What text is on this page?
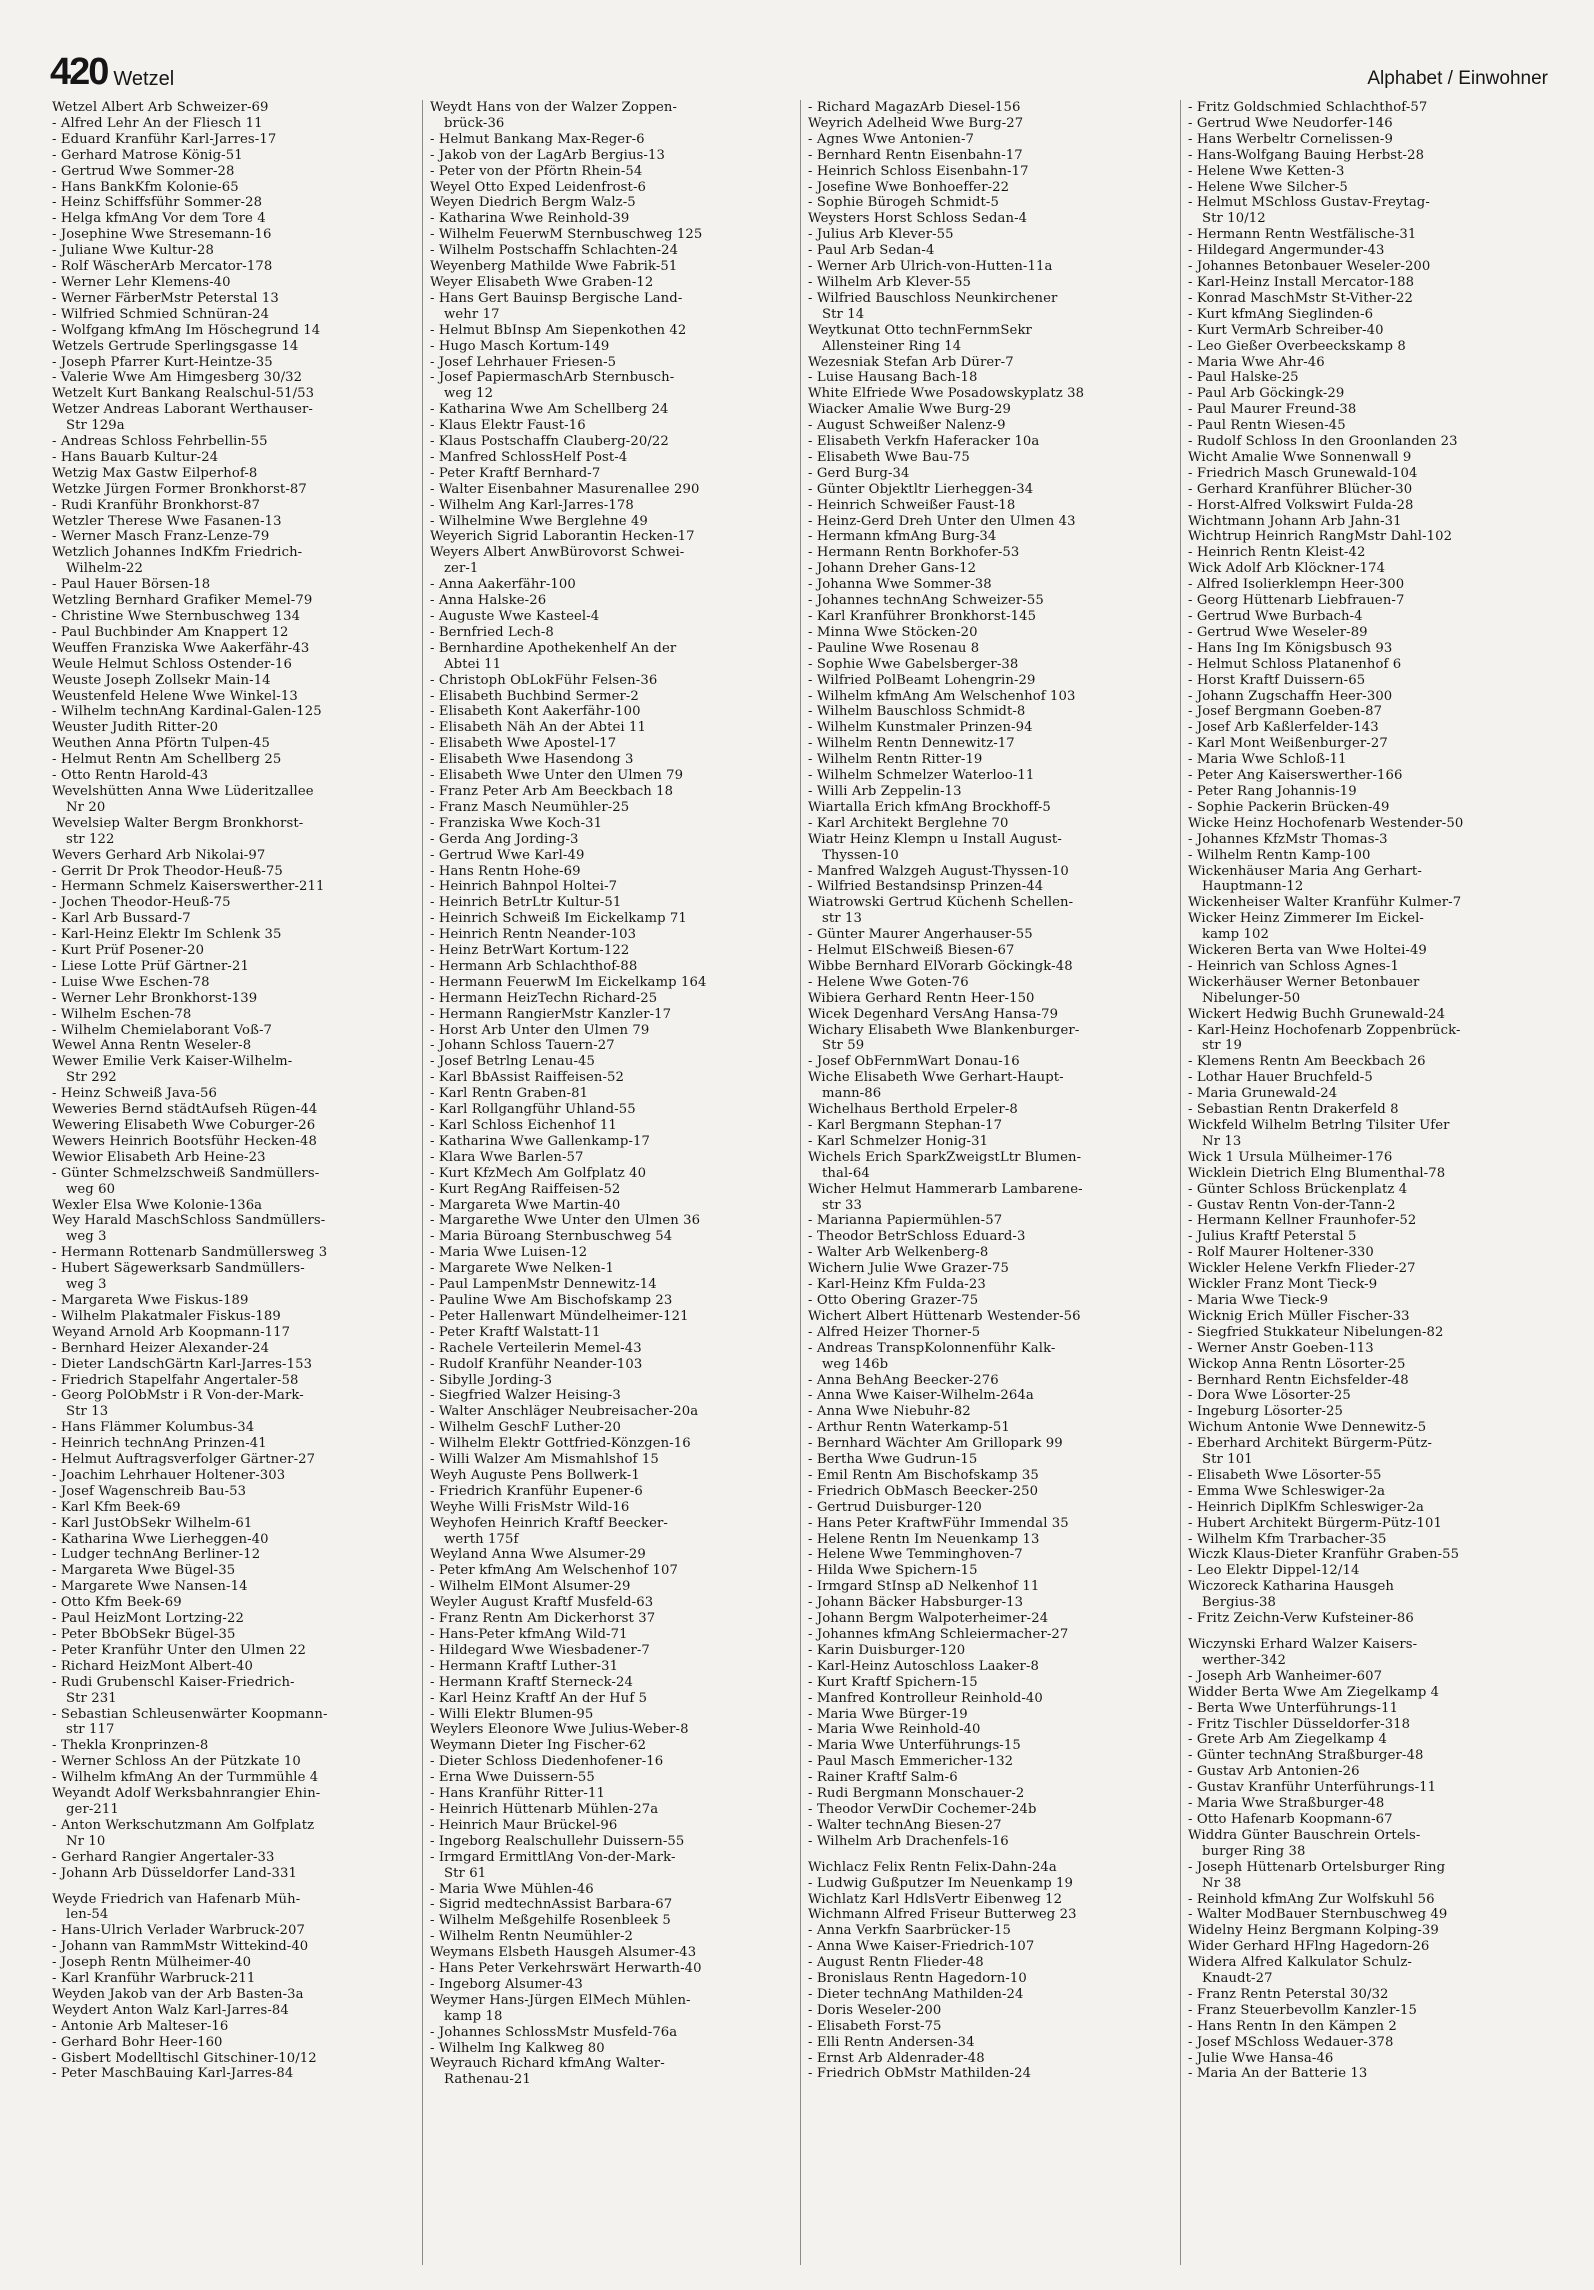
420 Wetzel	Alphabet / Einwohner
Wetzel Albert Arb Schweizer-69
- Alfred Lehr An der Fliesch 11
- Eduard Kranführ Karl-Jarres-17
- Gerhard Matrose König-51
- Gertrud Wwe Sommer-28
- Hans BankKfm Kolonie-65
- Heinz Schiffsführ Sommer-28
- Helga kfmAng Vor dem Tore 4
- Josephine Wwe Stresemann-16
- Juliane Wwe Kultur-28
- Rolf WäscherArb Mercator-178
- Werner Lehr Klemens-40
- Werner FärberMstr Peterstal 13
- Wilfried Schmied Schnüran-24
- Wolfgang kfmAng Im Höschegrund 14
Wetzels Gertrude Sperlingsgasse 14
- Joseph Pfarrer Kurt-Heintze-35
- Valerie Wwe Am Himgesberg 30/32
Wetzelt Kurt Bankang Realschul-51/53
Wetzer Andreas Laborant Werthauser-
Str 129a
- Andreas Schloss Fehrbellin-55
- Hans Bauarb Kultur-24
Wetzig Max Gastw Eilperhof-8
Wetzke Jürgen Former Bronkhorst-87
- Rudi Kranführ Bronkhorst-87
Wetzler Therese Wwe Fasanen-13
- Werner Masch Franz-Lenze-79
Wetzlich Johannes IndKfm Friedrich-
Wilhelm-22
- Paul Hauer Börsen-18
Wetzling Bernhard Grafiker Memel-79
- Christine Wwe Sternbuschweg 134
- Paul Buchbinder Am Knappert 12
Weuffen Franziska Wwe Aakerfähr-43
Weule Helmut Schloss Ostender-16
Weuste Joseph Zollsekr Main-14
Weustenfeld Helene Wwe Winkel-13
- Wilhelm technAng Kardinal-Galen-125
Weuster Judith Ritter-20
Weuthen Anna Pförtn Tulpen-45
- Helmut Rentn Am Schellberg 25
- Otto Rentn Harold-43
Wevelshütten Anna Wwe Lüderitzallee
Nr 20
Wevelsiep Walter Bergm Bronkhorst-
str 122
Wevers Gerhard Arb Nikolai-97
- Gerrit Dr Prok Theodor-Heuß-75
- Hermann Schmelz Kaiserswerther-211
- Jochen Theodor-Heuß-75
- Karl Arb Bussard-7
- Karl-Heinz Elektr Im Schlenk 35
- Kurt Prüf Posener-20
- Liese Lotte Prüf Gärtner-21
- Luise Wwe Eschen-78
- Werner Lehr Bronkhorst-139
- Wilhelm Eschen-78
- Wilhelm Chemielaborant Voß-7
Wewel Anna Rentn Weseler-8
Wewer Emilie Verk Kaiser-Wilhelm-
Str 292
- Heinz Schweiß Java-56
Weweries Bernd städtAufseh Rügen-44
Wewering Elisabeth Wwe Coburger-26
Wewers Heinrich Bootsführ Hecken-48
Wewior Elisabeth Arb Heine-23
- Günter Schmelzschweiß Sandmüllers-
weg 60
Wexler Elsa Wwe Kolonie-136a
Wey Harald MaschSchloss Sandmüllers-
weg 3
- Hermann Rottenarb Sandmüllersweg 3
- Hubert Sägewerksarb Sandmüllers-
weg 3
- Margareta Wwe Fiskus-189
- Wilhelm Plakatmaler Fiskus-189
Weyand Arnold Arb Koopmann-117
- Bernhard Heizer Alexander-24
- Dieter LandschGärtn Karl-Jarres-153
- Friedrich Stapelfahr Angertaler-58
- Georg PolObMstr i R Von-der-Mark-
Str 13
- Hans Flämmer Kolumbus-34
- Heinrich technAng Prinzen-41
- Helmut Auftragsverfolger Gärtner-27
- Joachim Lehrhauer Holtener-303
- Josef Wagenschreib Bau-53
- Karl Kfm Beek-69
- Karl JustObSekr Wilhelm-61
- Katharina Wwe Lierheggen-40
- Ludger technAng Berliner-12
- Margareta Wwe Bügel-35
- Margarete Wwe Nansen-14
- Otto Kfm Beek-69
- Paul HeizMont Lortzing-22
- Peter BbObSekr Bügel-35
- Peter Kranführ Unter den Ulmen 22
- Richard HeizMont Albert-40
- Rudi Grubenschl Kaiser-Friedrich-
Str 231
- Sebastian Schleusenwärter Koopmann-
str 117
- Thekla Kronprinzen-8
- Werner Schloss An der Pützkate 10
- Wilhelm kfmAng An der Turmmühle 4
Weyandt Adolf Werksbahnrangier Ehin-
ger-211
- Anton Werkschutzmann Am Golfplatz
Nr 10
- Gerhard Rangier Angertaler-33
- Johann Arb Düsseldorfer Land-331
Weyde Friedrich van Hafenarb Müh-
len-54
- Hans-Ulrich Verlader Warbruck-207
- Johann van RammMstr Wittekind-40
- Joseph Rentn Mülheimer-40
- Karl Kranführ Warbruck-211
Weyden Jakob van der Arb Basten-3a
Weydert Anton Walz Karl-Jarres-84
- Antonie Arb Malteser-16
- Gerhard Bohr Heer-160
- Gisbert Modelltischl Gitschiner-10/12
- Peter MaschBauing Karl-Jarres-84
Weydt Hans von der Walzer Zoppen-
brück-36
- Helmut Bankang Max-Reger-6
- Jakob von der LagArb Bergius-13
- Peter von der Pförtn Rhein-54
Weyel Otto Exped Leidenfrost-6
Weyen Diedrich Bergm Walz-5
- Katharina Wwe Reinhold-39
- Wilhelm FeuerwM Sternbuschweg 125
- Wilhelm Postschaffn Schlachten-24
Weyenberg Mathilde Wwe Fabrik-51
Weyer Elisabeth Wwe Graben-12
- Hans Gert Bauinsp Bergische Land-
wehr 17
- Helmut BbInsp Am Siepenkothen 42
- Hugo Masch Kortum-149
- Josef Lehrhauer Friesen-5
- Josef PapiermaschArb Sternbusch-
weg 12
- Katharina Wwe Am Schellberg 24
- Klaus Elektr Faust-16
- Klaus Postschaffn Clauberg-20/22
- Manfred SchlossHelf Post-4
- Peter Kraftf Bernhard-7
- Walter Eisenbahner Masurenallee 290
- Wilhelm Ang Karl-Jarres-178
- Wilhelmine Wwe Berglehne 49
Weyerich Sigrid Laborantin Hecken-17
Weyers Albert AnwBürovorst Schwei-
zer-1
- Anna Aakerfähr-100
- Anna Halske-26
- Auguste Wwe Kasteel-4
- Bernfried Lech-8
- Bernhardine Apothekenhelf An der
Abtei 11
- Christoph ObLokFühr Felsen-36
- Elisabeth Buchbind Sermer-2
- Elisabeth Kont Aakerfähr-100
- Elisabeth Näh An der Abtei 11
- Elisabeth Wwe Apostel-17
- Elisabeth Wwe Hasendong 3
- Elisabeth Wwe Unter den Ulmen 79
- Franz Peter Arb Am Beeckbach 18
- Franz Masch Neumühler-25
- Franziska Wwe Koch-31
- Gerda Ang Jording-3
- Gertrud Wwe Karl-49
- Hans Rentn Hohe-69
- Heinrich Bahnpol Holtei-7
- Heinrich BetrLtr Kultur-51
- Heinrich Schweiß Im Eickelkamp 71
- Heinrich Rentn Neander-103
- Heinz BetrWart Kortum-122
- Hermann Arb Schlachthof-88
- Hermann FeuerwM Im Eickelkamp 164
- Hermann HeizTechn Richard-25
- Hermann RangierMstr Kanzler-17
- Horst Arb Unter den Ulmen 79
- Johann Schloss Tauern-27
- Josef Betrlng Lenau-45
- Karl BbAssist Raiffeisen-52
- Karl Rentn Graben-81
- Karl Rollgangführ Uhland-55
- Karl Schloss Eichenhof 11
- Katharina Wwe Gallenkamp-17
- Klara Wwe Barlen-57
- Kurt KfzMech Am Golfplatz 40
- Kurt RegAng Raiffeisen-52
- Margareta Wwe Martin-40
- Margarethe Wwe Unter den Ulmen 36
- Maria Büroang Sternbuschweg 54
- Maria Wwe Luisen-12
- Margarete Wwe Nelken-1
- Paul LampenMstr Dennewitz-14
- Pauline Wwe Am Bischofskamp 23
- Peter Hallenwart Mündelheimer-121
- Peter Kraftf Walstatt-11
- Rachele Verteilerin Memel-43
- Rudolf Kranführ Neander-103
- Sibylle Jording-3
- Siegfried Walzer Heising-3
- Walter Anschläger Neubreisacher-20a
- Wilhelm GeschF Luther-20
- Wilhelm Elektr Gottfried-Könzgen-16
- Willi Walzer Am Mismahlshof 15
Weyh Auguste Pens Bollwerk-1
- Friedrich Kranführ Eupener-6
Weyhe Willi FrisMstr Wild-16
Weyhofen Heinrich Kraftf Beecker-
werth 175f
Weyland Anna Wwe Alsumer-29
- Peter kfmAng Am Welschenhof 107
- Wilhelm ElMont Alsumer-29
Weyler August Kraftf Musfeld-63
- Franz Rentn Am Dickerhorst 37
- Hans-Peter kfmAng Wild-71
- Hildegard Wwe Wiesbadener-7
- Hermann Kraftf Luther-31
- Hermann Kraftf Sterneck-24
- Karl Heinz Kraftf An der Huf 5
- Willi Elektr Blumen-95
Weylers Eleonore Wwe Julius-Weber-8
Weymann Dieter Ing Fischer-62
- Dieter Schloss Diedenhofener-16
- Erna Wwe Duissern-55
- Hans Kranführ Ritter-11
- Heinrich Hüttenarb Mühlen-27a
- Heinrich Maur Brückel-96
- Ingeborg Realschullehr Duissern-55
- Irmgard ErmittlAng Von-der-Mark-
Str 61
- Maria Wwe Mühlen-46
- Sigrid medtechnAssist Barbara-67
- Wilhelm Meßgehilfe Rosenbleek 5
- Wilhelm Rentn Neumühler-2
Weymans Elsbeth Hausgeh Alsumer-43
- Hans Peter Verkehrswärt Herwarth-40
- Ingeborg Alsumer-43
Weymer Hans-Jürgen ElMech Mühlen-
kamp 18
- Johannes SchlossMstr Musfeld-76a
- Wilhelm Ing Kalkweg 80
Weyrauch Richard kfmAng Walter-
Rathenau-21
- Richard MagazArb Diesel-156
Weyrich Adelheid Wwe Burg-27
- Agnes Wwe Antonien-7
- Bernhard Rentn Eisenbahn-17
- Heinrich Schloss Eisenbahn-17
- Josefine Wwe Bonhoeffer-22
- Sophie Bürogeh Schmidt-5
Weysters Horst Schloss Sedan-4
- Julius Arb Klever-55
- Paul Arb Sedan-4
- Werner Arb Ulrich-von-Hutten-11a
- Wilhelm Arb Klever-55
- Wilfried Bauschloss Neunkirchener
Str 14
Weytkunat Otto technFernmSekr
Allensteiner Ring 14
Wezesniak Stefan Arb Dürer-7
- Luise Hausang Bach-18
White Elfriede Wwe Posadowskyplatz 38
Wiacker Amalie Wwe Burg-29
- August Schweißer Nalenz-9
- Elisabeth Verkfn Haferacker 10a
- Elisabeth Wwe Bau-75
- Gerd Burg-34
- Günter Objektltr Lierheggen-34
- Heinrich Schweißer Faust-18
- Heinz-Gerd Dreh Unter den Ulmen 43
- Hermann kfmAng Burg-34
- Hermann Rentn Borkhofer-53
- Johann Dreher Gans-12
- Johanna Wwe Sommer-38
- Johannes technAng Schweizer-55
- Karl Kranführer Bronkhorst-145
- Minna Wwe Stöcken-20
- Pauline Wwe Rosenau 8
- Sophie Wwe Gabelsberger-38
- Wilfried PolBeamt Lohengrin-29
- Wilhelm kfmAng Am Welschenhof 103
- Wilhelm Bauschloss Schmidt-8
- Wilhelm Kunstmaler Prinzen-94
- Wilhelm Rentn Dennewitz-17
- Wilhelm Rentn Ritter-19
- Wilhelm Schmelzer Waterloo-11
- Willi Arb Zeppelin-13
Wiartalla Erich kfmAng Brockhoff-5
- Karl Architekt Berglehne 70
Wiatr Heinz Klempn u Install August-
Thyssen-10
- Manfred Walzgeh August-Thyssen-10
- Wilfried Bestandsinsp Prinzen-44
Wiatrowski Gertrud Küchenh Schellen-
str 13
- Günter Maurer Angerhauser-55
- Helmut ElSchweiß Biesen-67
Wibbe Bernhard ElVorarb Göckingk-48
- Helene Wwe Goten-76
Wibiera Gerhard Rentn Heer-150
Wicek Degenhard VersAng Hansa-79
Wichary Elisabeth Wwe Blankenburger-
Str 59
- Josef ObFernmWart Donau-16
Wiche Elisabeth Wwe Gerhart-Haupt-
mann-86
Wichelhaus Berthold Erpeler-8
- Karl Bergmann Stephan-17
- Karl Schmelzer Honig-31
Wichels Erich SparkZweigstLtr Blumen-
thal-64
Wicher Helmut Hammerarb Lambarene-
str 33
- Marianna Papiermühlen-57
- Theodor BetrSchloss Eduard-3
- Walter Arb Welkenberg-8
Wichern Julie Wwe Grazer-75
- Karl-Heinz Kfm Fulda-23
- Otto Obering Grazer-75
Wichert Albert Hüttenarb Westender-56
- Alfred Heizer Thorner-5
- Andreas TranspKolonnenführ Kalk-
weg 146b
- Anna BehAng Beecker-276
- Anna Wwe Kaiser-Wilhelm-264a
- Anna Wwe Niebuhr-82
- Arthur Rentn Waterkamp-51
- Bernhard Wächter Am Grillopark 99
- Bertha Wwe Gudrun-15
- Emil Rentn Am Bischofskamp 35
- Friedrich ObMasch Beecker-250
- Gertrud Duisburger-120
- Hans Peter KraftwFühr Immendal 35
- Helene Rentn Im Neuenkamp 13
- Helene Wwe Temminghoven-7
- Hilda Wwe Spichern-15
- Irmgard StInsp aD Nelkenhof 11
- Johann Bäcker Habsburger-13
- Johann Bergm Walpoterheimer-24
- Johannes kfmAng Schleiermacher-27
- Karin Duisburger-120
- Karl-Heinz Autoschloss Laaker-8
- Kurt Kraftf Spichern-15
- Manfred Kontrolleur Reinhold-40
- Maria Wwe Bürger-19
- Maria Wwe Reinhold-40
- Maria Wwe Unterführungs-15
- Paul Masch Emmericher-132
- Rainer Kraftf Salm-6
- Rudi Bergmann Monschauer-2
- Theodor VerwDir Cochemer-24b
- Walter technAng Biesen-27
- Wilhelm Arb Drachenfels-16
Wichlacz Felix Rentn Felix-Dahn-24a
- Ludwig Gußputzer Im Neuenkamp 19
Wichlatz Karl HdlsVertr Eibenweg 12
Wichmann Alfred Friseur Butterweg 23
- Anna Verkfn Saarbrücker-15
- Anna Wwe Kaiser-Friedrich-107
- August Rentn Flieder-48
- Bronislaus Rentn Hagedorn-10
- Dieter technAng Mathilden-24
- Doris Weseler-200
- Elisabeth Forst-75
- Elli Rentn Andersen-34
- Ernst Arb Aldenrader-48
- Friedrich ObMstr Mathilden-24
- Fritz Goldschmied Schlachthof-57
- Gertrud Wwe Neudorfer-146
- Hans Werbeltr Cornelissen-9
- Hans-Wolfgang Bauing Herbst-28
- Helene Wwe Ketten-3
- Helene Wwe Silcher-5
- Helmut MSchloss Gustav-Freytag-
Str 10/12
- Hermann Rentn Westfälische-31
- Hildegard Angermunder-43
- Johannes Betonbauer Weseler-200
- Karl-Heinz Install Mercator-188
- Konrad MaschMstr St-Vither-22
- Kurt kfmAng Sieglinden-6
- Kurt VermArb Schreiber-40
- Leo Gießer Overbeeckskamp 8
- Maria Wwe Ahr-46
- Paul Halske-25
- Paul Arb Göckingk-29
- Paul Maurer Freund-38
- Paul Rentn Wiesen-45
- Rudolf Schloss In den Groonlanden 23
Wicht Amalie Wwe Sonnenwall 9
- Friedrich Masch Grunewald-104
- Gerhard Kranführer Blücher-30
- Horst-Alfred Volkswirt Fulda-28
Wichtmann Johann Arb Jahn-31
Wichtrup Heinrich RangMstr Dahl-102
- Heinrich Rentn Kleist-42
Wick Adolf Arb Klöckner-174
- Alfred Isolierklempn Heer-300
- Georg Hüttenarb Liebfrauen-7
- Gertrud Wwe Burbach-4
- Gertrud Wwe Weseler-89
- Hans Ing Im Königsbusch 93
- Helmut Schloss Platanenhof 6
- Horst Kraftf Duissern-65
- Johann Zugschaffn Heer-300
- Josef Bergmann Goeben-87
- Josef Arb Kaßlerfelder-143
- Karl Mont Weißenburger-27
- Maria Wwe Schloß-11
- Peter Ang Kaiserswerther-166
- Peter Rang Johannis-19
- Sophie Packerin Brücken-49
Wicke Heinz Hochofenarb Westender-50
- Johannes KfzMstr Thomas-3
- Wilhelm Rentn Kamp-100
Wickenhäuser Maria Ang Gerhart-
Hauptmann-12
Wickenheiser Walter Kranführ Kulmer-7
Wicker Heinz Zimmerer Im Eickel-
kamp 102
Wickeren Berta van Wwe Holtei-49
- Heinrich van Schloss Agnes-1
Wickerhäuser Werner Betonbauer
Nibelunger-50
Wickert Hedwig Buchh Grunewald-24
- Karl-Heinz Hochofenarb Zoppenbrück-
str 19
- Klemens Rentn Am Beeckbach 26
- Lothar Hauer Bruchfeld-5
- Maria Grunewald-24
- Sebastian Rentn Drakerfeld 8
Wickfeld Wilhelm Betrlng Tilsiter Ufer
Nr 13
Wick 1 Ursula Mülheimer-176
Wicklein Dietrich Elng Blumenthal-78
- Günter Schloss Brückenplatz 4
- Gustav Rentn Von-der-Tann-2
- Hermann Kellner Fraunhofer-52
- Julius Kraftf Peterstal 5
- Rolf Maurer Holtener-330
Wickler Helene Verkfn Flieder-27
Wickler Franz Mont Tieck-9
- Maria Wwe Tieck-9
Wicknig Erich Müller Fischer-33
- Siegfried Stukkateur Nibelungen-82
- Werner Anstr Goeben-113
Wickop Anna Rentn Lösorter-25
- Bernhard Rentn Eichsfelder-48
- Dora Wwe Lösorter-25
- Ingeburg Lösorter-25
Wichum Antonie Wwe Dennewitz-5
- Eberhard Architekt Bürgerm-Pütz-
Str 101
- Elisabeth Wwe Lösorter-55
- Emma Wwe Schleswiger-2a
- Heinrich DiplKfm Schleswiger-2a
- Hubert Architekt Bürgerm-Pütz-101
- Wilhelm Kfm Trarbacher-35
Wiczk Klaus-Dieter Kranführ Graben-55
- Leo Elektr Dippel-12/14
Wiczoreck Katharina Hausgeh
Bergius-38
- Fritz Zeichn-Verw Kufsteiner-86
Wiczynski Erhard Walzer Kaisers-
werther-342
- Joseph Arb Wanheimer-607
Widder Berta Wwe Am Ziegelkamp 4
- Berta Wwe Unterführungs-11
- Fritz Tischler Düsseldorfer-318
- Grete Arb Am Ziegelkamp 4
- Günter technAng Straßburger-48
- Gustav Arb Antonien-26
- Gustav Kranführ Unterführungs-11
- Maria Wwe Straßburger-48
- Otto Hafenarb Koopmann-67
Widdra Günter Bauschrein Ortels-
burger Ring 38
- Joseph Hüttenarb Ortelsburger Ring
Nr 38
- Reinhold kfmAng Zur Wolfskuhl 56
- Walter ModBauer Sternbuschweg 49
Widelny Heinz Bergmann Kolping-39
Wider Gerhard HFlng Hagedorn-26
Widera Alfred Kalkulator Schulz-
Knaudt-27
- Franz Rentn Peterstal 30/32
- Franz Steuerbevollm Kanzler-15
- Hans Rentn In den Kämpen 2
- Josef MSchloss Wedauer-378
- Julie Wwe Hansa-46
- Maria An der Batterie 13
